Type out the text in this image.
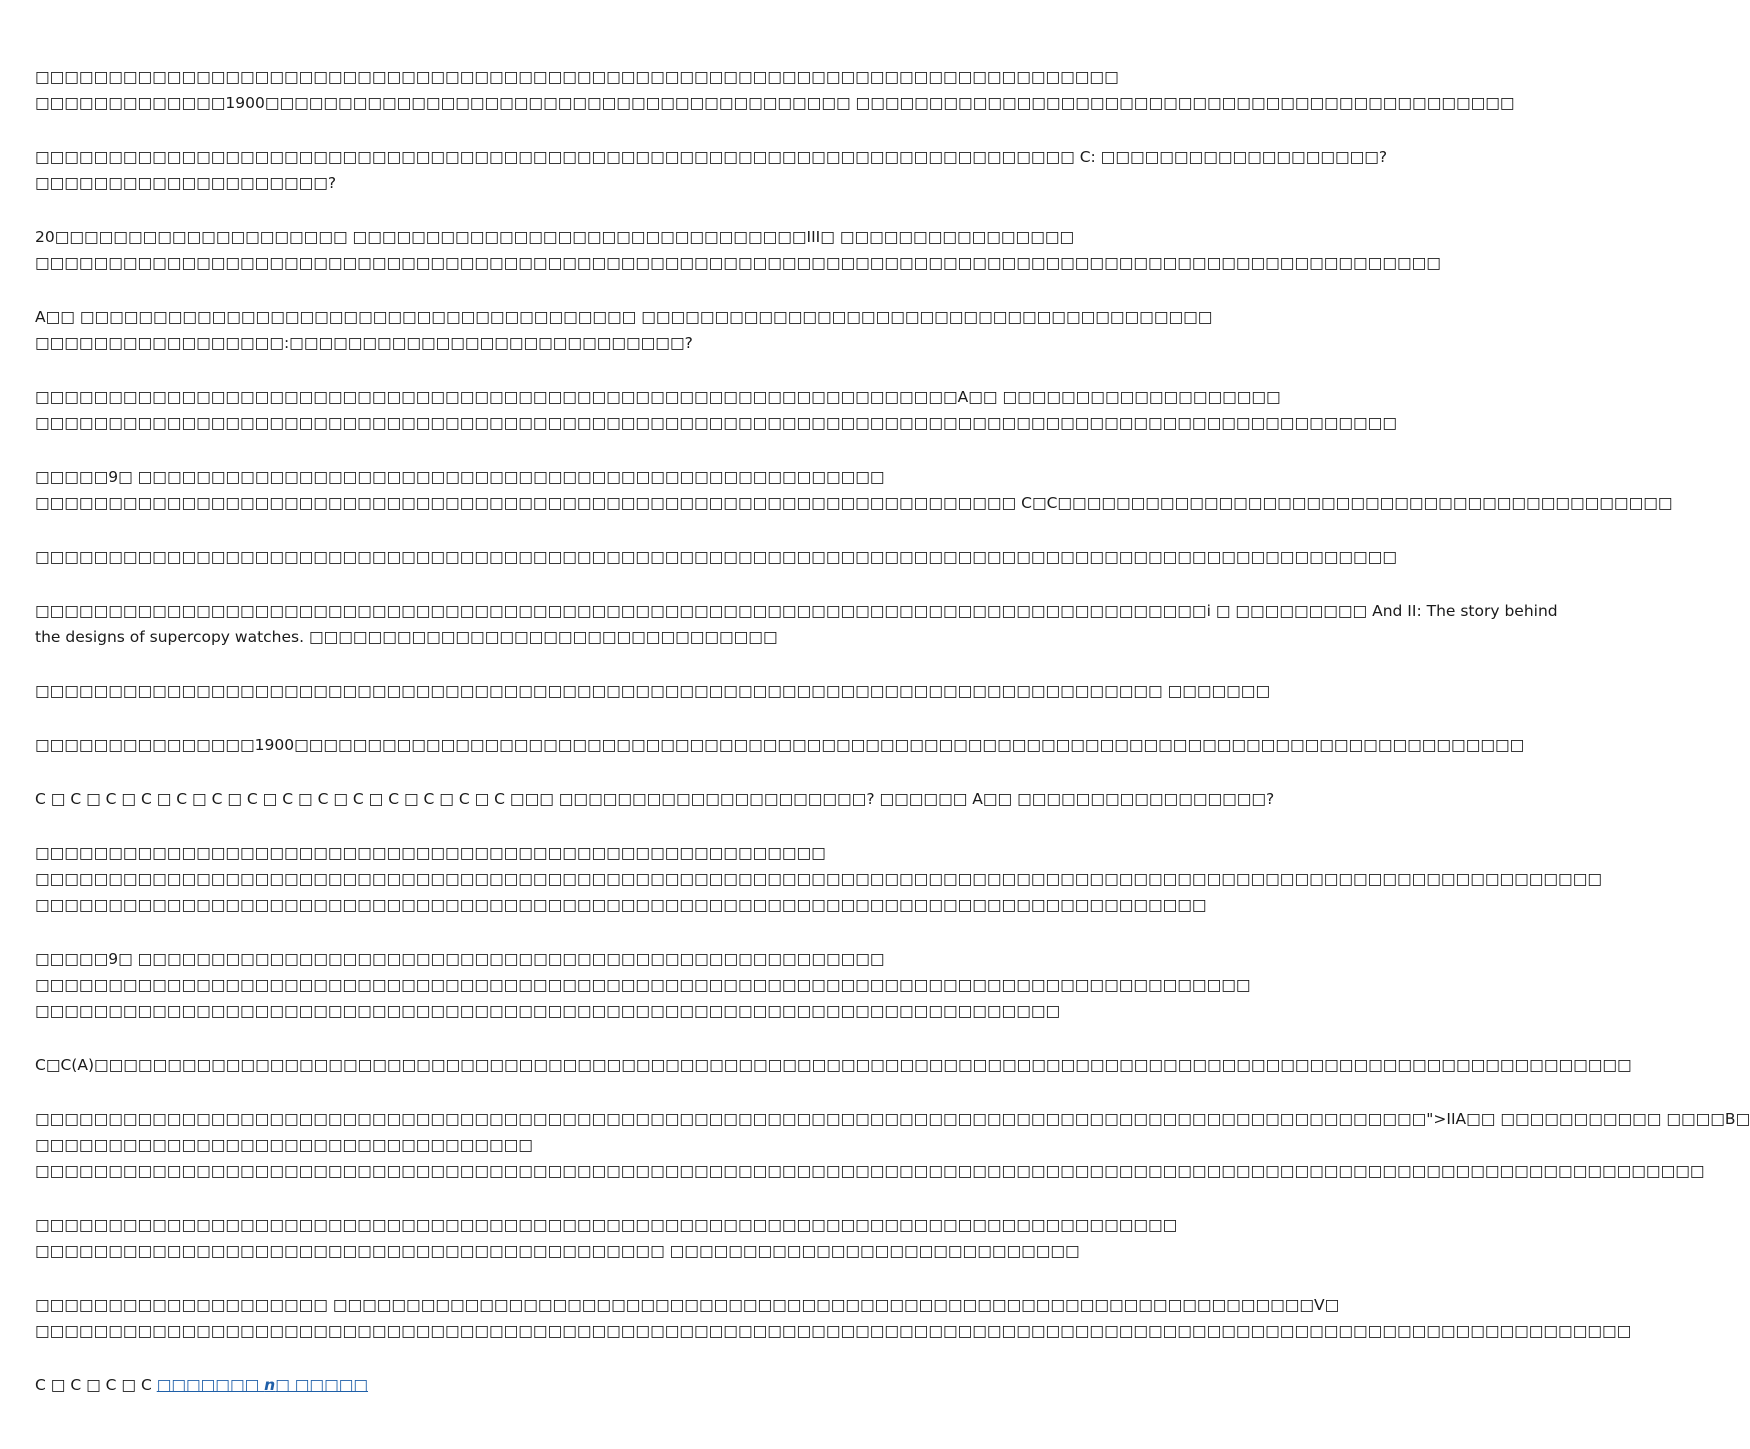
□□□□□□□□□□□□□□□□□□□□□□□□□□□□□□□□□□□□□□□□□□□□□□□□□□□□□□□□□□□□□□□□□□□□□□□□□□
□□□□□□□□□□□□□1900□□□□□□□□□□□□□□□□□□□□□□□□□□□□□□□□□□□□□□□□ □□□□□□□□□□□□□□□□□□□□□□□□□□□□□□□□□□□□□□□□□□□□□
□□□□□□□□□□□□□□□□□□□□□□□□□□□□□□□□□□□□□□□□□□□□□□□□□□□□□□□□□□□□□□□□□□□□□□□ C: □□□□□□□□□□□□□□□□□□□?
□□□□□□□□□□□□□□□□□□□□?
20□□□□□□□□□□□□□□□□□□□□ □□□□□□□□□□□□□□□□□□□□□□□□□□□□□□□III□ □□□□□□□□□□□□□□□□
□□□□□□□□□□□□□□□□□□□□□□□□□□□□□□□□□□□□□□□□□□□□□□□□□□□□□□□□□□□□□□□□□□□□□□□□□□□□□□□□□□□□□□□□□□□□□□□□
A□□ □□□□□□□□□□□□□□□□□□□□□□□□□□□□□□□□□□□□□□ □□□□□□□□□□□□□□□□□□□□□□□□□□□□□□□□□□□□□□□
□□□□□□□□□□□□□□□□□:□□□□□□□□□□□□□□□□□□□□□□□□□□□?
□□□□□□□□□□□□□□□□□□□□□□□□□□□□□□□□□□□□□□□□□□□□□□□□□□□□□□□□□□□□□□□A□□ □□□□□□□□□□□□□□□□□□□
□□□□□□□□□□□□□□□□□□□□□□□□□□□□□□□□□□□□□□□□□□□□□□□□□□□□□□□□□□□□□□□□□□□□□□□□□□□□□□□□□□□□□□□□□□□□□
□□□□□9□ □□□□□□□□□□□□□□□□□□□□□□□□□□□□□□□□□□□□□□□□□□□□□□□□□□□
□□□□□□□□□□□□□□□□□□□□□□□□□□□□□□□□□□□□□□□□□□□□□□□□□□□□□□□□□□□□□□□□□□□ C□C□□□□□□□□□□□□□□□□□□□□□□□□□□□□□□□□□□□□□□□□□□
□□□□□□□□□□□□□□□□□□□□□□□□□□□□□□□□□□□□□□□□□□□□□□□□□□□□□□□□□□□□□□□□□□□□□□□□□□□□□□□□□□□□□□□□□□□□□
□□□□□□□□□□□□□□□□□□□□□□□□□□□□□□□□□□□□□□□□□□□□□□□□□□□□□□□□□□□□□□□□□□□□□□□□□□□□□□□□i □ □□□□□□□□□ And II: The story behind
the designs of supercopy watches. □□□□□□□□□□□□□□□□□□□□□□□□□□□□□□□□
□□□□□□□□□□□□□□□□□□□□□□□□□□□□□□□□□□□□□□□□□□□□□□□□□□□□□□□□□□□□□□□□□□□□□□□□□□□□□ □□□□□□□
□□□□□□□□□□□□□□□1900□□□□□□□□□□□□□□□□□□□□□□□□□□□□□□□□□□□□□□□□□□□□□□□□□□□□□□□□□□□□□□□□□□□□□□□□□□□□□□□□□□□□
C □ C □ C □ C □ C □ C □ C □ C □ C □ C □ C □ C □ C □ C □□□ □□□□□□□□□□□□□□□□□□□□□? □□□□□□ A□□ □□□□□□□□□□□□□□□□□?
□□□□□□□□□□□□□□□□□□□□□□□□□□□□□□□□□□□□□□□□□□□□□□□□□□□□□□
□□□□□□□□□□□□□□□□□□□□□□□□□□□□□□□□□□□□□□□□□□□□□□□□□□□□□□□□□□□□□□□□□□□□□□□□□□□□□□□□□□□□□□□□□□□□□□□□□□□□□□□□□□□
□□□□□□□□□□□□□□□□□□□□□□□□□□□□□□□□□□□□□□□□□□□□□□□□□□□□□□□□□□□□□□□□□□□□□□□□□□□□□□□□
□□□□□9□ □□□□□□□□□□□□□□□□□□□□□□□□□□□□□□□□□□□□□□□□□□□□□□□□□□□
□□□□□□□□□□□□□□□□□□□□□□□□□□□□□□□□□□□□□□□□□□□□□□□□□□□□□□□□□□□□□□□□□□□□□□□□□□□□□□□□□□□
□□□□□□□□□□□□□□□□□□□□□□□□□□□□□□□□□□□□□□□□□□□□□□□□□□□□□□□□□□□□□□□□□□□□□□
C□C(A)□□□□□□□□□□□□□□□□□□□□□□□□□□□□□□□□□□□□□□□□□□□□□□□□□□□□□□□□□□□□□□□□□□□□□□□□□□□□□□□□□□□□□□□□□□□□□□□□□□□□□□□□□
□□□□□□□□□□□□□□□□□□□□□□□□□□□□□□□□□□□□□□□□□□□□□□□□□□□□□□□□□□□□□□□□□□□□□□□□□□□□□□□□□□□□□□□□□□□□□□□">IIA□□ □□□□□□□□□□□ □□□□B□
□□□□□□□□□□□□□□□□□□□□□□□□□□□□□□□□□□
□□□□□□□□□□□□□□□□□□□□□□□□□□□□□□□□□□□□□□□□□□□□□□□□□□□□□□□□□□□□□□□□□□□□□□□□□□□□□□□□□□□□□□□□□□□□□□□□□□□□□□□□□□□□□□□□□□
□□□□□□□□□□□□□□□□□□□□□□□□□□□□□□□□□□□□□□□□□□□□□□□□□□□□□□□□□□□□□□□□□□□□□□□□□□□□□□
□□□□□□□□□□□□□□□□□□□□□□□□□□□□□□□□□□□□□□□□□□□ □□□□□□□□□□□□□□□□□□□□□□□□□□□□
□□□□□□□□□□□□□□□□□□□□ □□□□□□□□□□□□□□□□□□□□□□□□□□□□□□□□□□□□□□□□□□□□□□□□□□□□□□□□□□□□□□□□□□□V□
□□□□□□□□□□□□□□□□□□□□□□□□□□□□□□□□□□□□□□□□□□□□□□□□□□□□□□□□□□□□□□□□□□□□□□□□□□□□□□□□□□□□□□□□□□□□□□□□□□□□□□□□□□□□□
C □ C □ C □ C □□□□□□□ n□ □□□□□
